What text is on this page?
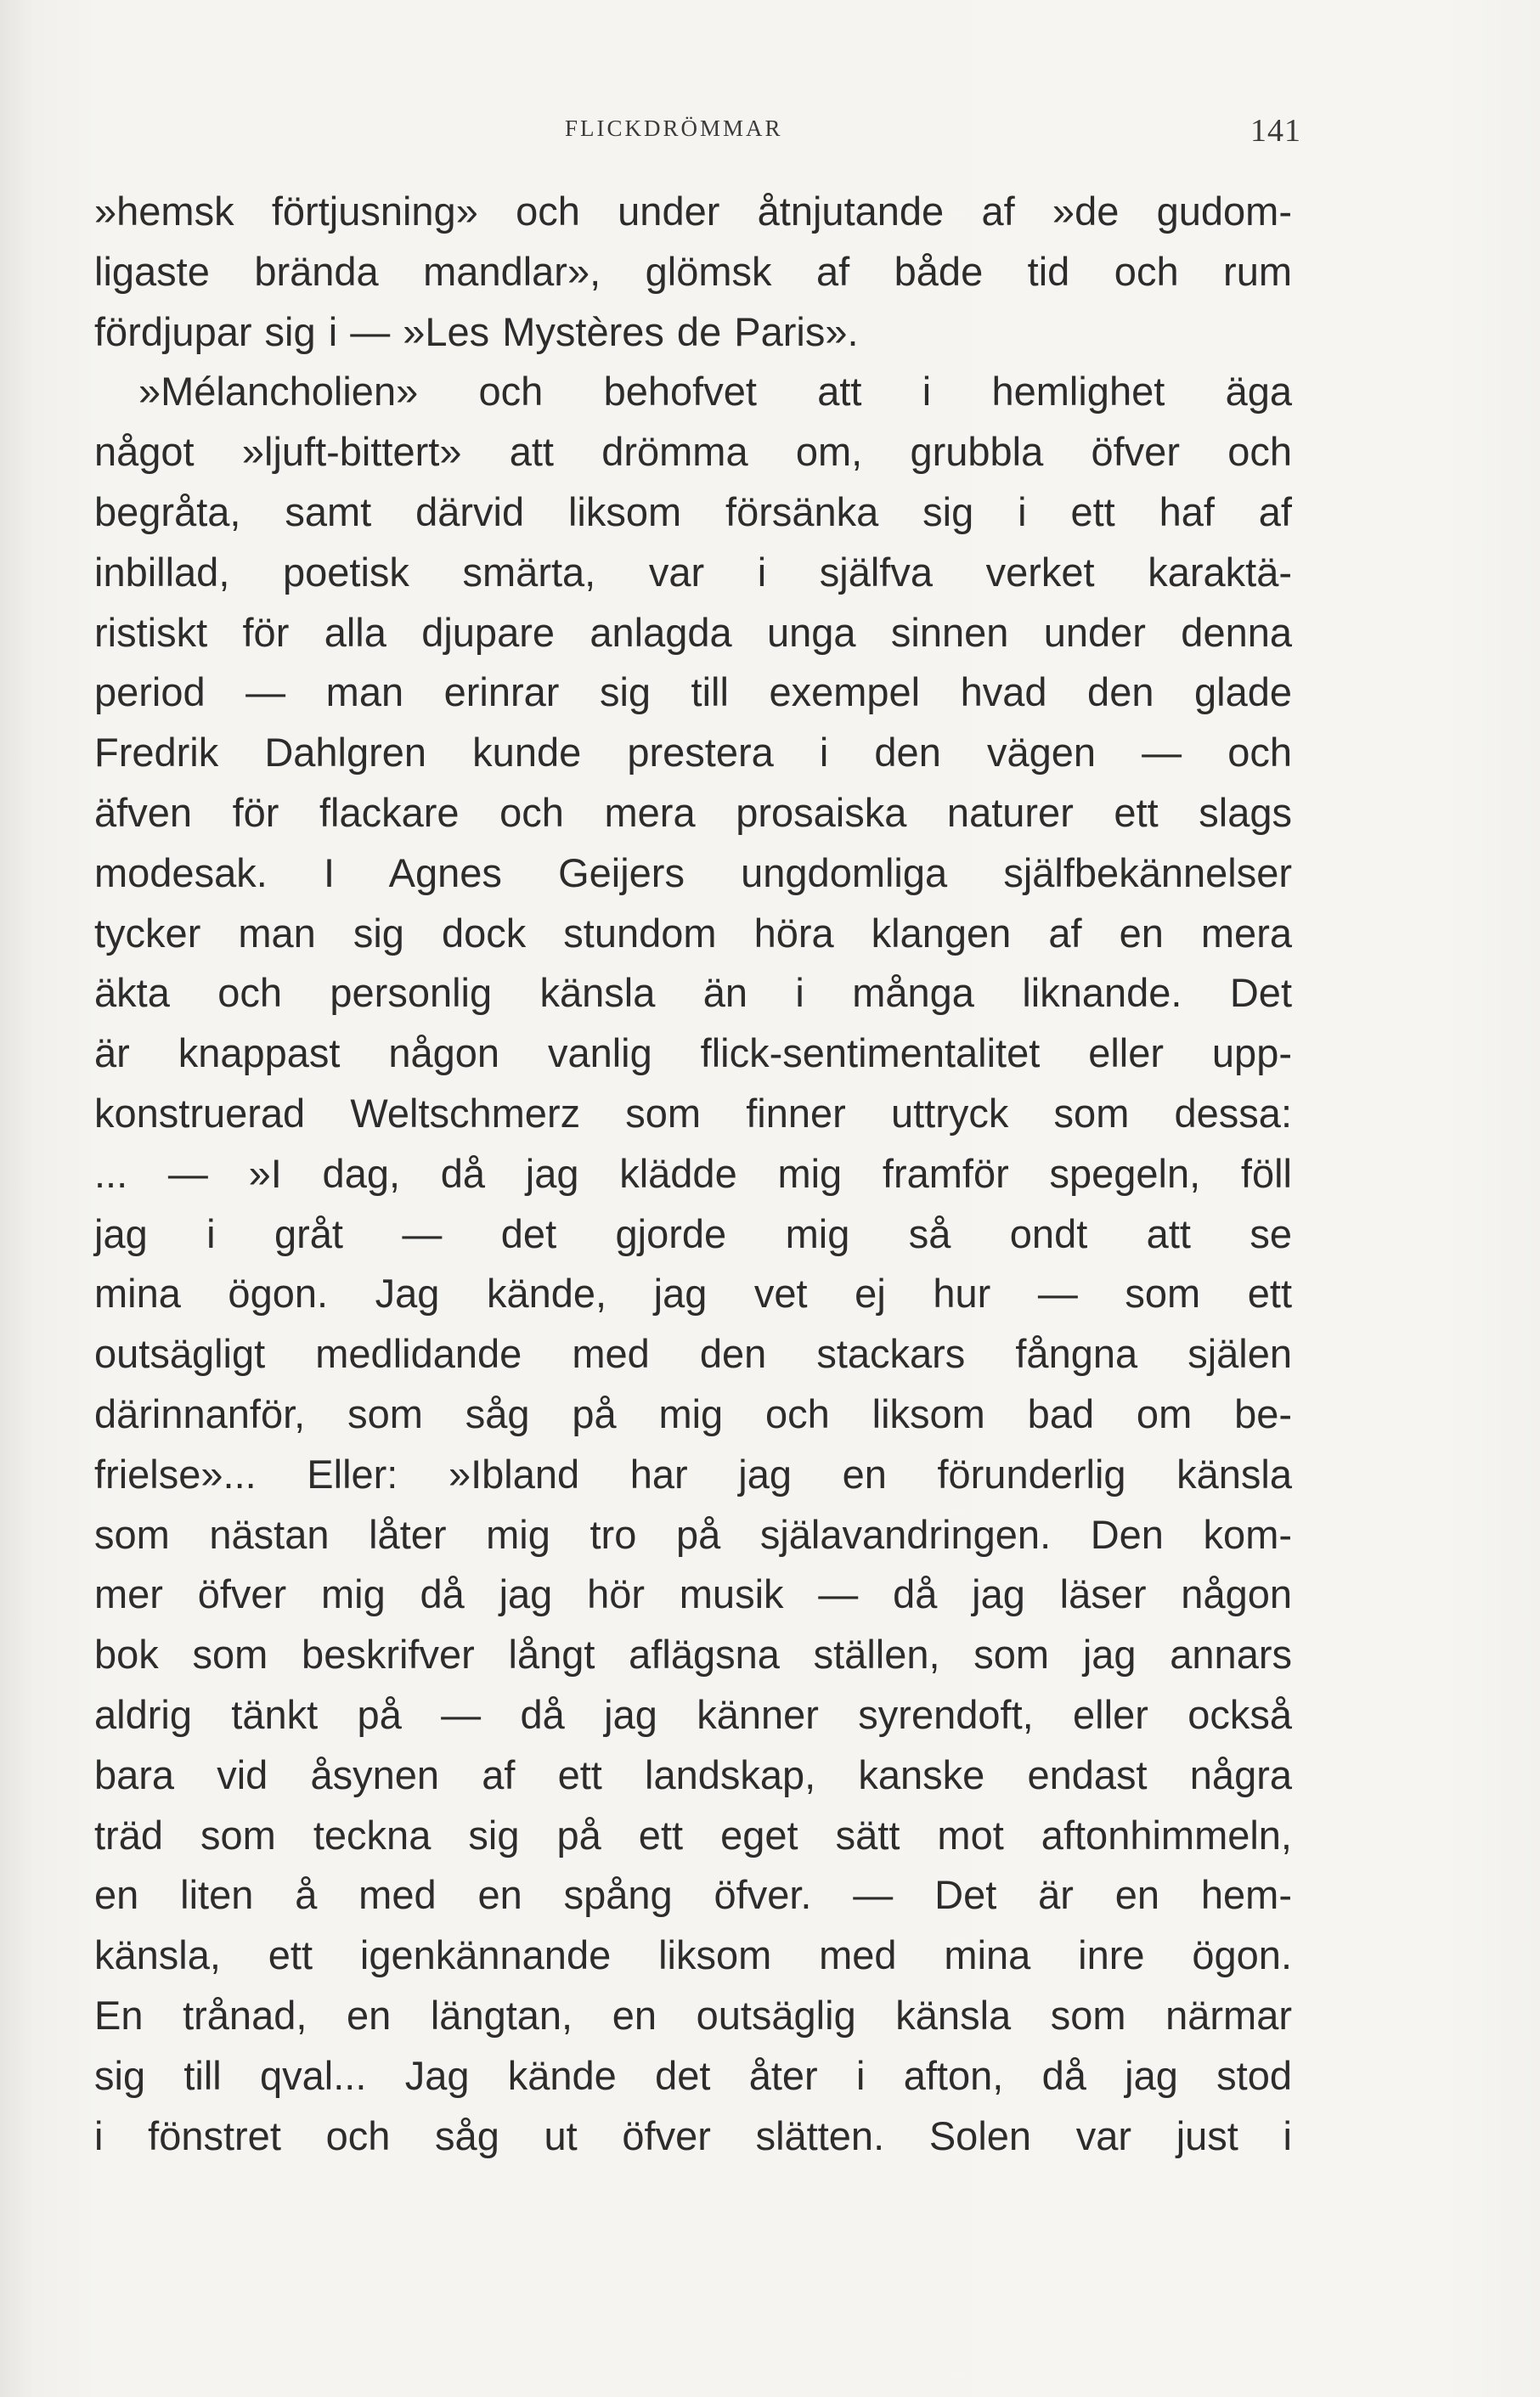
FLICKDRÖMMAR	141
»hemsk förtjusning» och under åtnjutande af »de gudom-
ligaste brända mandlar», glömsk af både tid och rum
fördjupar sig i — »Les Mystères de Paris».
»Mélancholien» och behofvet att i hemlighet äga
något »ljuft-bittert» att drömma om, grubbla öfver och
begråta, samt därvid liksom försänka sig i ett haf af
inbillad, poetisk smärta, var i själfva verket karaktä-
ristiskt för alla djupare anlagda unga sinnen under denna
period — man erinrar sig till exempel hvad den glade
Fredrik Dahlgren kunde prestera i den vägen — och
äfven för flackare och mera prosaiska naturer ett slags
modesak. I Agnes Geijers ungdomliga själfbekännelser
tycker man sig dock stundom höra klangen af en mera
äkta och personlig känsla än i många liknande. Det
är knappast någon vanlig flick-sentimentalitet eller upp-
konstruerad Weltschmerz som finner uttryck som dessa:
... — »I dag, då jag klädde mig framför spegeln, föll
jag i gråt — det gjorde mig så ondt att se
mina ögon. Jag kände, jag vet ej hur — som ett
outsägligt medlidande med den stackars fångna själen
därinnanför, som såg på mig och liksom bad om be-
frielse»... Eller: »Ibland har jag en förunderlig känsla
som nästan låter mig tro på själavandringen. Den kom-
mer öfver mig då jag hör musik — då jag läser någon
bok som beskrifver långt aflägsna ställen, som jag annars
aldrig tänkt på — då jag känner syrendoft, eller också
bara vid åsynen af ett landskap, kanske endast några
träd som teckna sig på ett eget sätt mot aftonhimmeln,
en liten å med en spång öfver. — Det är en hem-
känsla, ett igenkännande liksom med mina inre ögon.
En trånad, en längtan, en outsäglig känsla som närmar
sig till qval... Jag kände det åter i afton, då jag stod
i fönstret och såg ut öfver slätten. Solen var just i
